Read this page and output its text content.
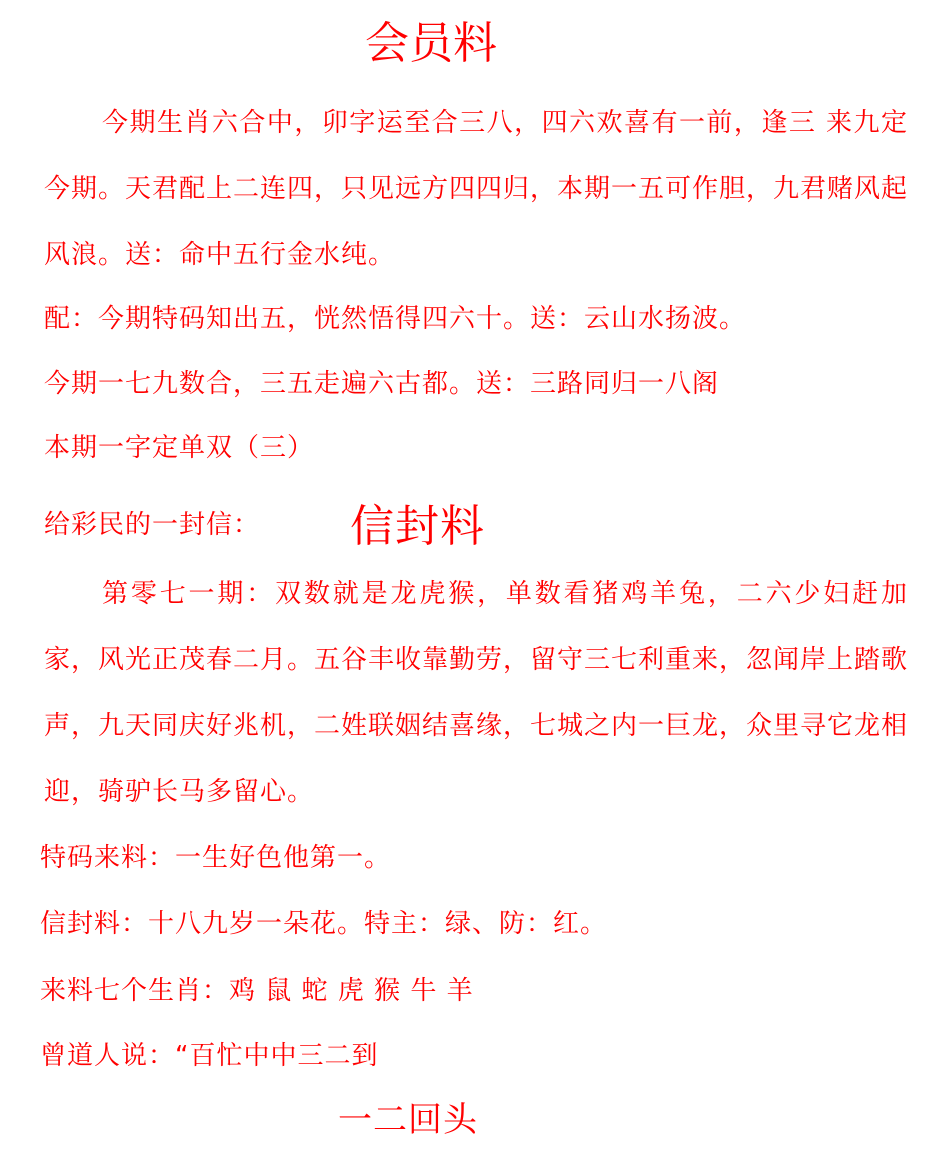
会员料

今期生肖六合中，卯字运至合三八，四六欢喜有一前，逢三 来九定今期。天君配上二连四，只见远方四四归，本期一五可作胆，九君赌风起风浪。送：命中五行金水纯。

配：今期特码知出五，恍然悟得四六十。送：云山水扬波。
今期一七九数合，三五走遍六古都。送：三路同归一八阁
本期一字定单双（三）
给彩民的一封信： 信封料

第零七一期：双数就是龙虎猴，单数看猪鸡羊兔，二六少妇赶加家，风光正茂春二月。五谷丰收靠勤劳，留守三七利重来，忽闻岸上踏歌声，九天同庆好兆机，二姓联姻结喜缘，七城之内一巨龙，众里寻它龙相迎，骑驴长马多留心。

特码来料：一生好色他第一。
信封料：十八九岁一朵花。特主：绿、防：红。
来料七个生肖：鸡 鼠 蛇 虎 猴 牛 羊
曾道人说：“百忙中中三二到
一二回头
